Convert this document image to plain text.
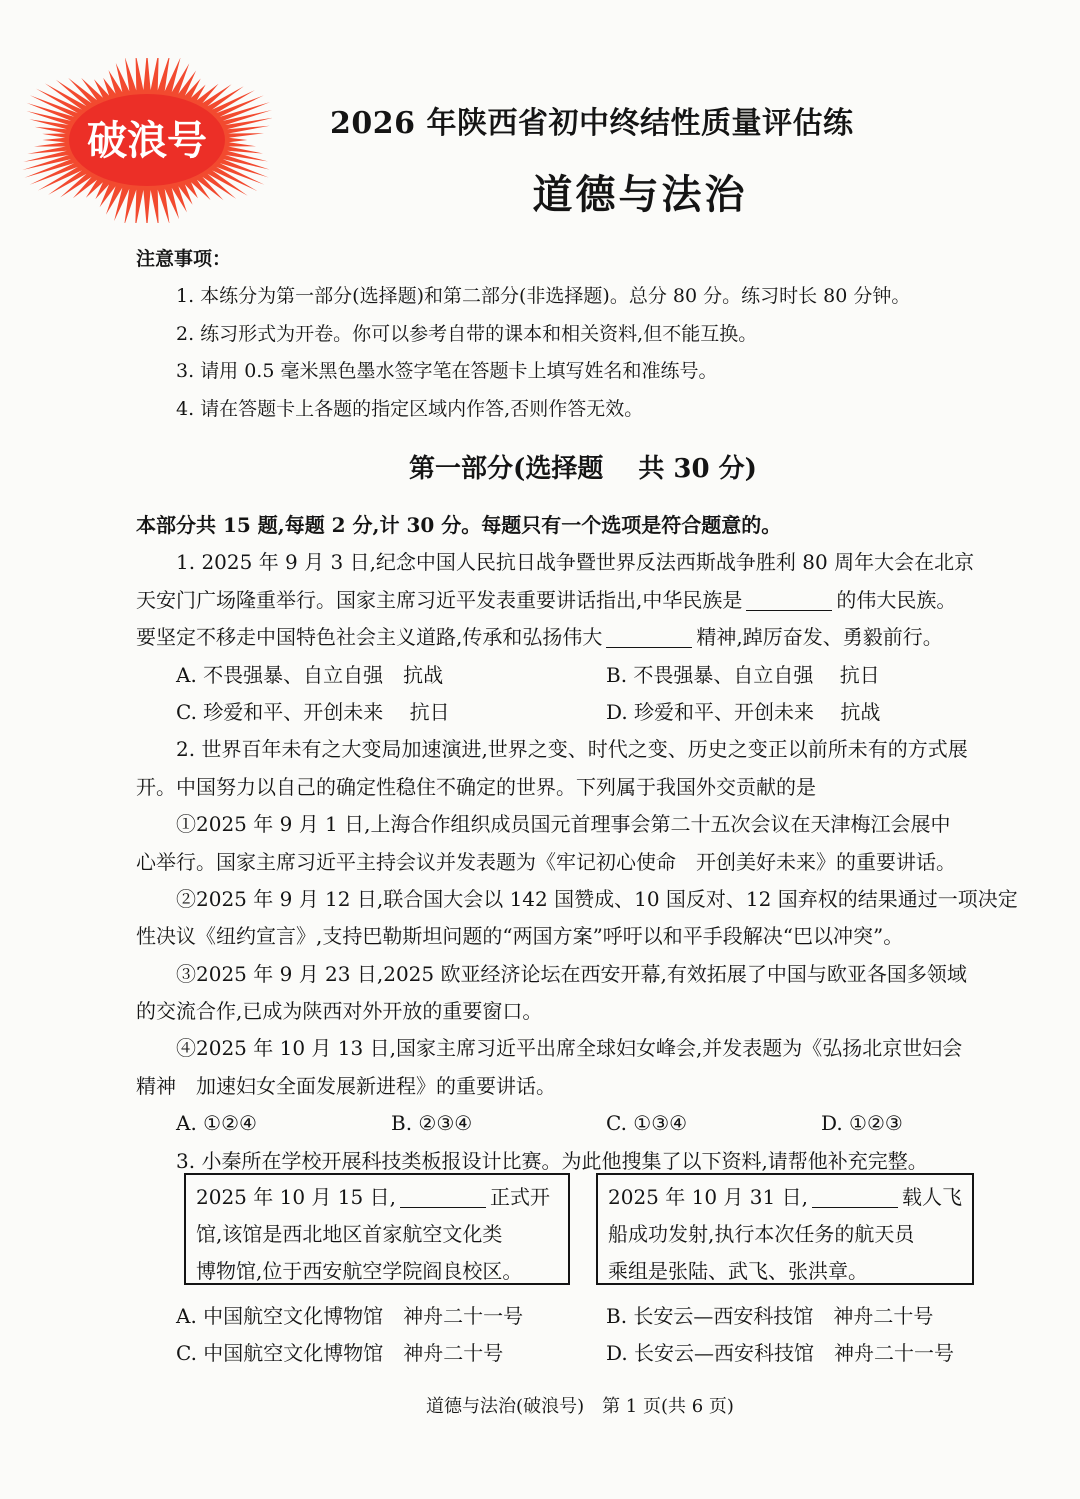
破浪号	2026 年陕西省初中终结性质量评估练
道德与法治
注意事项：
1. 本练分为第一部分(选择题)和第二部分(非选择题)。总分 80 分。练习时长 80 分钟。
2. 练习形式为开卷。你可以参考自带的课本和相关资料,但不能互换。
3. 请用 0.5 毫米黑色墨水签字笔在答题卡上填写姓名和准练号。
4. 请在答题卡上各题的指定区域内作答,否则作答无效。
第一部分(选择题　 共 30 分)
本部分共 15 题,每题 2 分,计 30 分。每题只有一个选项是符合题意的。
1. 2025 年 9 月 3 日,纪念中国人民抗日战争暨世界反法西斯战争胜利 80 周年大会在北京
天安门广场隆重举行。国家主席习近平发表重要讲话指出,中华民族是	的伟大民族。
要坚定不移走中国特色社会主义道路,传承和弘扬伟大	精神,踔厉奋发、勇毅前行。
A. 不畏强暴、自立自强　抗战	B. 不畏强暴、自立自强　 抗日
C. 珍爱和平、开创未来　 抗日	D. 珍爱和平、开创未来　 抗战
2. 世界百年未有之大变局加速演进,世界之变、时代之变、历史之变正以前所未有的方式展
开。中国努力以自己的确定性稳住不确定的世界。下列属于我国外交贡献的是
①2025 年 9 月 1 日,上海合作组织成员国元首理事会第二十五次会议在天津梅江会展中
心举行。国家主席习近平主持会议并发表题为《牢记初心使命　开创美好未来》的重要讲话。
②2025 年 9 月 12 日,联合国大会以 142 国赞成、10 国反对、12 国弃权的结果通过一项决定
性决议《纽约宣言》,支持巴勒斯坦问题的“两国方案”呼吁以和平手段解决“巴以冲突”。
③2025 年 9 月 23 日,2025 欧亚经济论坛在西安开幕,有效拓展了中国与欧亚各国多领域
的交流合作,已成为陕西对外开放的重要窗口。
④2025 年 10 月 13 日,国家主席习近平出席全球妇女峰会,并发表题为《弘扬北京世妇会
精神　加速妇女全面发展新进程》的重要讲话。
A. ①②④	B. ②③④	C. ①③④	D. ①②③
3. 小秦所在学校开展科技类板报设计比赛。为此他搜集了以下资料,请帮他补充完整。
2025 年 10 月 15 日,	正式开
馆,该馆是西北地区首家航空文化类
博物馆,位于西安航空学院阎良校区。
2025 年 10 月 31 日,	载人飞
船成功发射,执行本次任务的航天员
乘组是张陆、武飞、张洪章。
A. 中国航空文化博物馆　神舟二十一号	B. 长安云—西安科技馆　神舟二十号
C. 中国航空文化博物馆　神舟二十号	D. 长安云—西安科技馆　神舟二十一号
道德与法治(破浪号)　第 1 页(共 6 页)
